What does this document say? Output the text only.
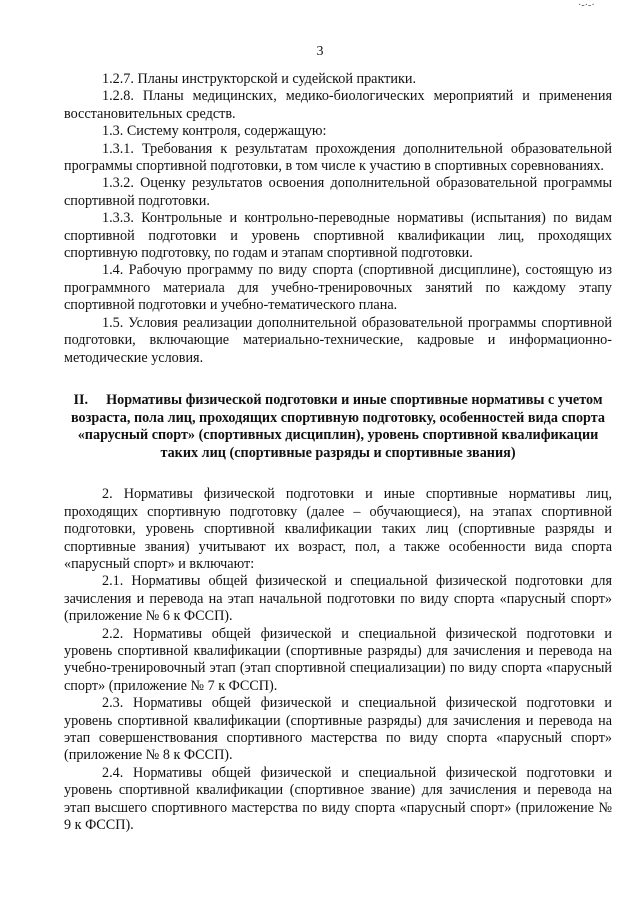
·-·-·
3

1.2.7. Планы инструкторской и судейской практики.

1.2.8. Планы медицинских, медико-биологических мероприятий и применения восстановительных средств.

1.3. Систему контроля, содержащую:

1.3.1. Требования к результатам прохождения дополнительной образовательной программы спортивной подготовки, в том числе к участию в спортивных соревнованиях.

1.3.2. Оценку результатов освоения дополнительной образовательной программы спортивной подготовки.

1.3.3. Контрольные и контрольно-переводные нормативы (испытания) по видам спортивной подготовки и уровень спортивной квалификации лиц, проходящих спортивную подготовку, по годам и этапам спортивной подготовки.

1.4. Рабочую программу по виду спорта (спортивной дисциплине), состоящую из программного материала для учебно-тренировочных занятий по каждому этапу спортивной подготовки и учебно-тематического плана.

1.5. Условия реализации дополнительной образовательной программы спортивной подготовки, включающие материально-технические, кадровые и информационно-методические условия.

II. Нормативы физической подготовки и иные спортивные нормативы с учетом возраста, пола лиц, проходящих спортивную подготовку, особенностей вида спорта «парусный спорт» (спортивных дисциплин), уровень спортивной квалификации таких лиц (спортивные разряды и спортивные звания)

2. Нормативы физической подготовки и иные спортивные нормативы лиц, проходящих спортивную подготовку (далее – обучающиеся), на этапах спортивной подготовки, уровень спортивной квалификации таких лиц (спортивные разряды и спортивные звания) учитывают их возраст, пол, а также особенности вида спорта «парусный спорт» и включают:

2.1. Нормативы общей физической и специальной физической подготовки для зачисления и перевода на этап начальной подготовки по виду спорта «парусный спорт» (приложение № 6 к ФССП).

2.2. Нормативы общей физической и специальной физической подготовки и уровень спортивной квалификации (спортивные разряды) для зачисления и перевода на учебно-тренировочный этап (этап спортивной специализации) по виду спорта «парусный спорт» (приложение № 7 к ФССП).

2.3. Нормативы общей физической и специальной физической подготовки и уровень спортивной квалификации (спортивные разряды) для зачисления и перевода на этап совершенствования спортивного мастерства по виду спорта «парусный спорт» (приложение № 8 к ФССП).

2.4. Нормативы общей физической и специальной физической подготовки и уровень спортивной квалификации (спортивное звание) для зачисления и перевода на этап высшего спортивного мастерства по виду спорта «парусный спорт» (приложение № 9 к ФССП).
